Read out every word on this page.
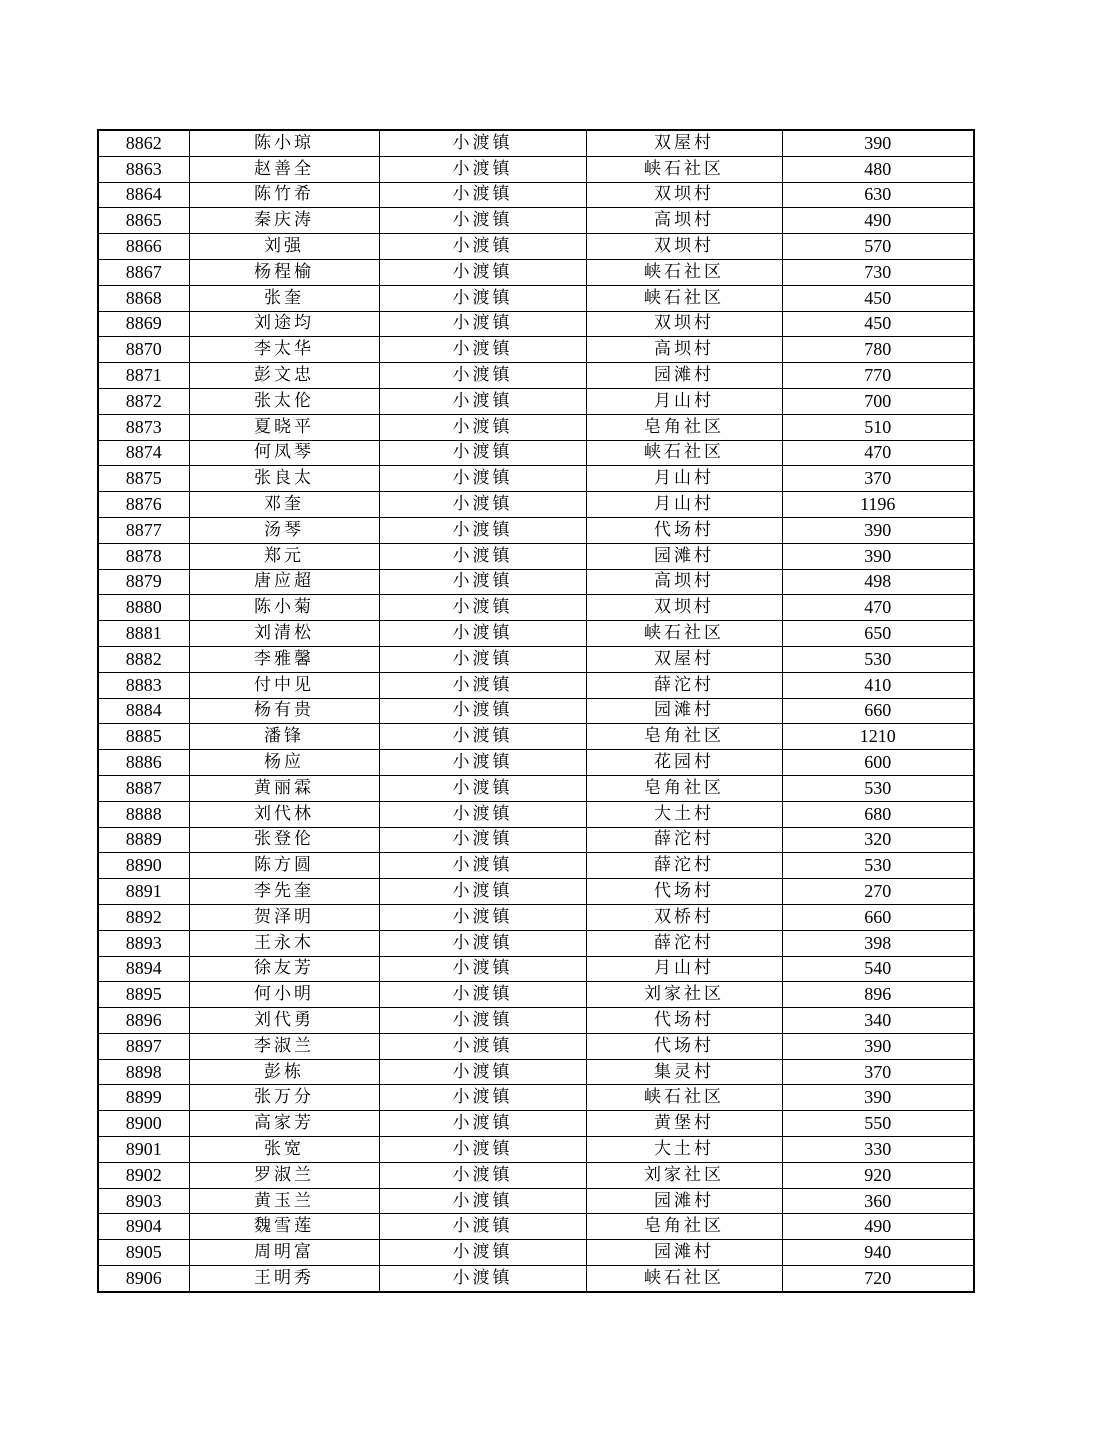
8862	陈小琼	小渡镇	双屋村	390
8863	赵善全	小渡镇	峡石社区	480
8864	陈竹希	小渡镇	双坝村	630
8865	秦庆涛	小渡镇	高坝村	490
8866	刘强	小渡镇	双坝村	570
8867	杨程榆	小渡镇	峡石社区	730
8868	张奎	小渡镇	峡石社区	450
8869	刘途均	小渡镇	双坝村	450
8870	李太华	小渡镇	高坝村	780
8871	彭文忠	小渡镇	园滩村	770
8872	张太伦	小渡镇	月山村	700
8873	夏晓平	小渡镇	皂角社区	510
8874	何凤琴	小渡镇	峡石社区	470
8875	张良太	小渡镇	月山村	370
8876	邓奎	小渡镇	月山村	1196
8877	汤琴	小渡镇	代场村	390
8878	郑元	小渡镇	园滩村	390
8879	唐应超	小渡镇	高坝村	498
8880	陈小菊	小渡镇	双坝村	470
8881	刘清松	小渡镇	峡石社区	650
8882	李雅馨	小渡镇	双屋村	530
8883	付中见	小渡镇	薛沱村	410
8884	杨有贵	小渡镇	园滩村	660
8885	潘锋	小渡镇	皂角社区	1210
8886	杨应	小渡镇	花园村	600
8887	黄丽霖	小渡镇	皂角社区	530
8888	刘代林	小渡镇	大土村	680
8889	张登伦	小渡镇	薛沱村	320
8890	陈方圆	小渡镇	薛沱村	530
8891	李先奎	小渡镇	代场村	270
8892	贺泽明	小渡镇	双桥村	660
8893	王永木	小渡镇	薛沱村	398
8894	徐友芳	小渡镇	月山村	540
8895	何小明	小渡镇	刘家社区	896
8896	刘代勇	小渡镇	代场村	340
8897	李淑兰	小渡镇	代场村	390
8898	彭栋	小渡镇	集灵村	370
8899	张万分	小渡镇	峡石社区	390
8900	高家芳	小渡镇	黄堡村	550
8901	张宽	小渡镇	大土村	330
8902	罗淑兰	小渡镇	刘家社区	920
8903	黄玉兰	小渡镇	园滩村	360
8904	魏雪莲	小渡镇	皂角社区	490
8905	周明富	小渡镇	园滩村	940
8906	王明秀	小渡镇	峡石社区	720
